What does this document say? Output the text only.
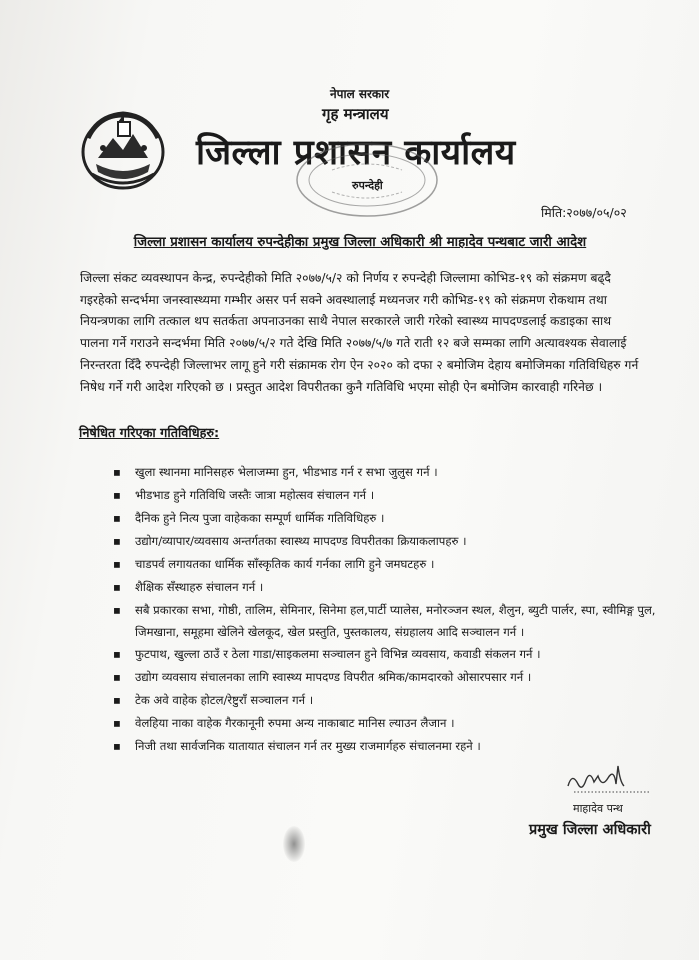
नेपाल सरकार
गृह मन्त्रालय
जिल्ला प्रशासन कार्यालय
रुपन्देही
मिति:२०७७/०५/०२
जिल्ला प्रशासन कार्यालय रुपन्देहीका प्रमुख जिल्ला अधिकारी श्री माहादेव पन्थबाट जारी आदेश
जिल्ला संकट व्यवस्थापन केन्द्र, रुपन्देहीको मिति २०७७/५/२ को निर्णय र रुपन्देही जिल्लामा कोभिड-१९ को संक्रमण बढ्दै
गइरहेको सन्दर्भमा जनस्वास्थ्यमा गम्भीर असर पर्न सक्ने अवस्थालाई मध्यनजर गरी कोभिड-१९ को संक्रमण रोकथाम तथा
नियन्त्रणका लागि तत्काल थप सतर्कता अपनाउनका साथै नेपाल सरकारले जारी गरेको स्वास्थ्य मापदण्डलाई कडाइका साथ
पालना गर्ने गराउने सन्दर्भमा मिति २०७७/५/२ गते देखि मिति २०७७/५/७ गते राती १२ बजे सम्मका लागि अत्यावश्यक सेवालाई
निरन्तरता दिँदै रुपन्देही जिल्लाभर लागू हुने गरी संक्रामक रोग ऐन २०२० को दफा २ बमोजिम देहाय बमोजिमका गतिविधिहरु गर्न
निषेध गर्ने गरी आदेश गरिएको छ । प्रस्तुत आदेश विपरीतका कुनै गतिविधि भएमा सोही ऐन बमोजिम कारवाही गरिनेछ ।
निषेधित गरिएका गतिविधिहरु:
▪ खुला स्थानमा मानिसहरु भेलाजम्मा हुन, भीडभाड गर्न र सभा जुलुस गर्न ।
▪ भीडभाड हुने गतिविधि जस्तैः जात्रा महोत्सव संचालन गर्न ।
▪ दैनिक हुने नित्य पुजा वाहेकका सम्पूर्ण धार्मिक गतिविधिहरु ।
▪ उद्योग/व्यापार/व्यवसाय अन्तर्गतका स्वास्थ्य मापदण्ड विपरीतका क्रियाकलापहरु ।
▪ चाडपर्व लगायतका धार्मिक साँस्कृतिक कार्य गर्नका लागि हुने जमघटहरु ।
▪ शैक्षिक सँस्थाहरु संचालन गर्न ।
▪ सबै प्रकारका सभा, गोष्ठी, तालिम, सेमिनार, सिनेमा हल,पार्टी प्यालेस, मनोरञ्जन स्थल, शैलुन, ब्युटी पार्लर, स्पा, स्वीमिङ्ग पुल, जिमखाना, समूहमा खेलिने खेलकूद, खेल प्रस्तुति, पुस्तकालय, संग्रहालय आदि सञ्चालन गर्न ।
▪ फुटपाथ, खुल्ला ठाउँ र ठेला गाडा/साइकलमा सञ्चालन हुने विभिन्न व्यवसाय, कवाडी संकलन गर्न ।
▪ उद्योग व्यवसाय संचालनका लागि स्वास्थ्य मापदण्ड विपरीत श्रमिक/कामदारको ओसारपसार गर्न ।
▪ टेक अवे वाहेक होटल/रेष्टुराँ सञ्चालन गर्न ।
▪ वेलहिया नाका वाहेक गैरकानूनी रुपमा अन्य नाकाबाट मानिस ल्याउन लैजान ।
▪ निजी तथा सार्वजनिक यातायात संचालन गर्न तर मुख्य राजमार्गहरु संचालनमा रहने ।
माहादेव पन्थ
प्रमुख जिल्ला अधिकारी
